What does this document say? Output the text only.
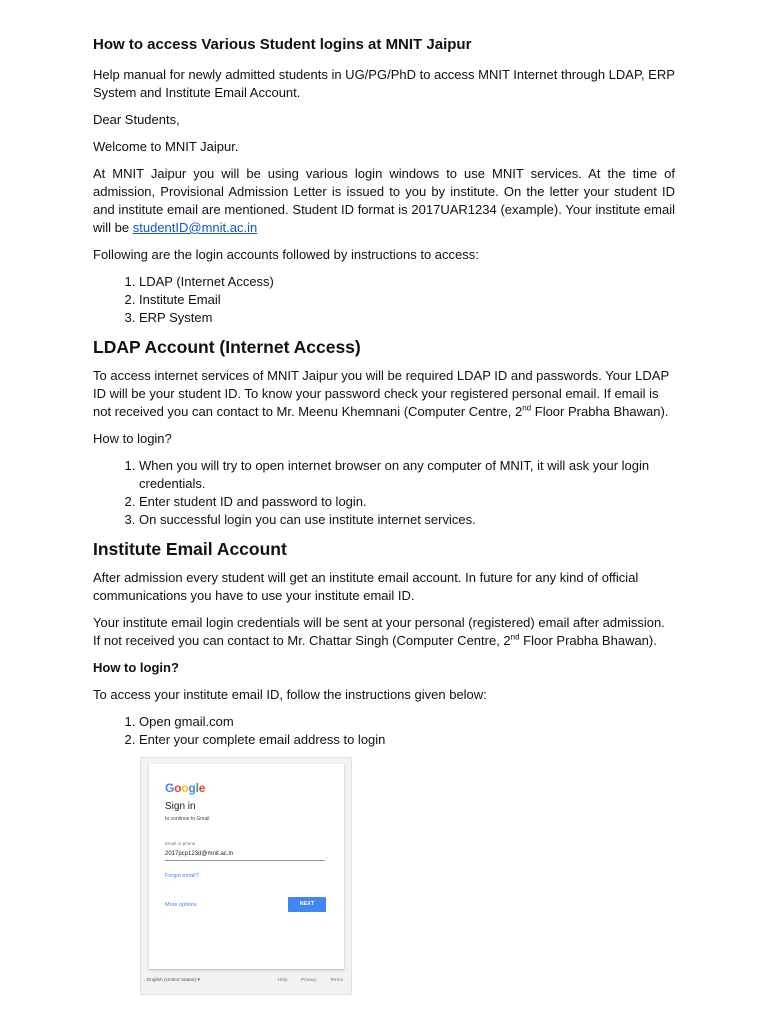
How to access Various Student logins at MNIT Jaipur

Help manual for newly admitted students in UG/PG/PhD to access MNIT Internet through LDAP, ERP System and Institute Email Account.

Dear Students,

Welcome to MNIT Jaipur.

At MNIT Jaipur you will be using various login windows to use MNIT services. At the time of admission, Provisional Admission Letter is issued to you by institute. On the letter your student ID and institute email are mentioned. Student ID format is 2017UAR1234 (example). Your institute email will be studentID@mnit.ac.in

Following are the login accounts followed by instructions to access:

1. LDAP (Internet Access)
2. Institute Email
3. ERP System
LDAP Account (Internet Access)

To access internet services of MNIT Jaipur you will be required LDAP ID and passwords. Your LDAP ID will be your student ID. To know your password check your registered personal email. If email is not received you can contact to Mr. Meenu Khemnani (Computer Centre, 2nd Floor Prabha Bhawan).

How to login?

1. When you will try to open internet browser on any computer of MNIT, it will ask your login credentials.
2. Enter student ID and password to login.
3. On successful login you can use institute internet services.
Institute Email Account

After admission every student will get an institute email account. In future for any kind of official communications you have to use your institute email ID.

Your institute email login credentials will be sent at your personal (registered) email after admission. If not received you can contact to Mr. Chattar Singh (Computer Centre, 2nd Floor Prabha Bhawan).

How to login?

To access your institute email ID, follow the instructions given below:

1. Open gmail.com
2. Enter your complete email address to login
Google
Sign in
to continue to Gmail
Email or phone
2017pcp123d@mnit.ac.in
Forgot email?
More options	NEXT
English (United States) ▾	Help	Privacy	Terms
